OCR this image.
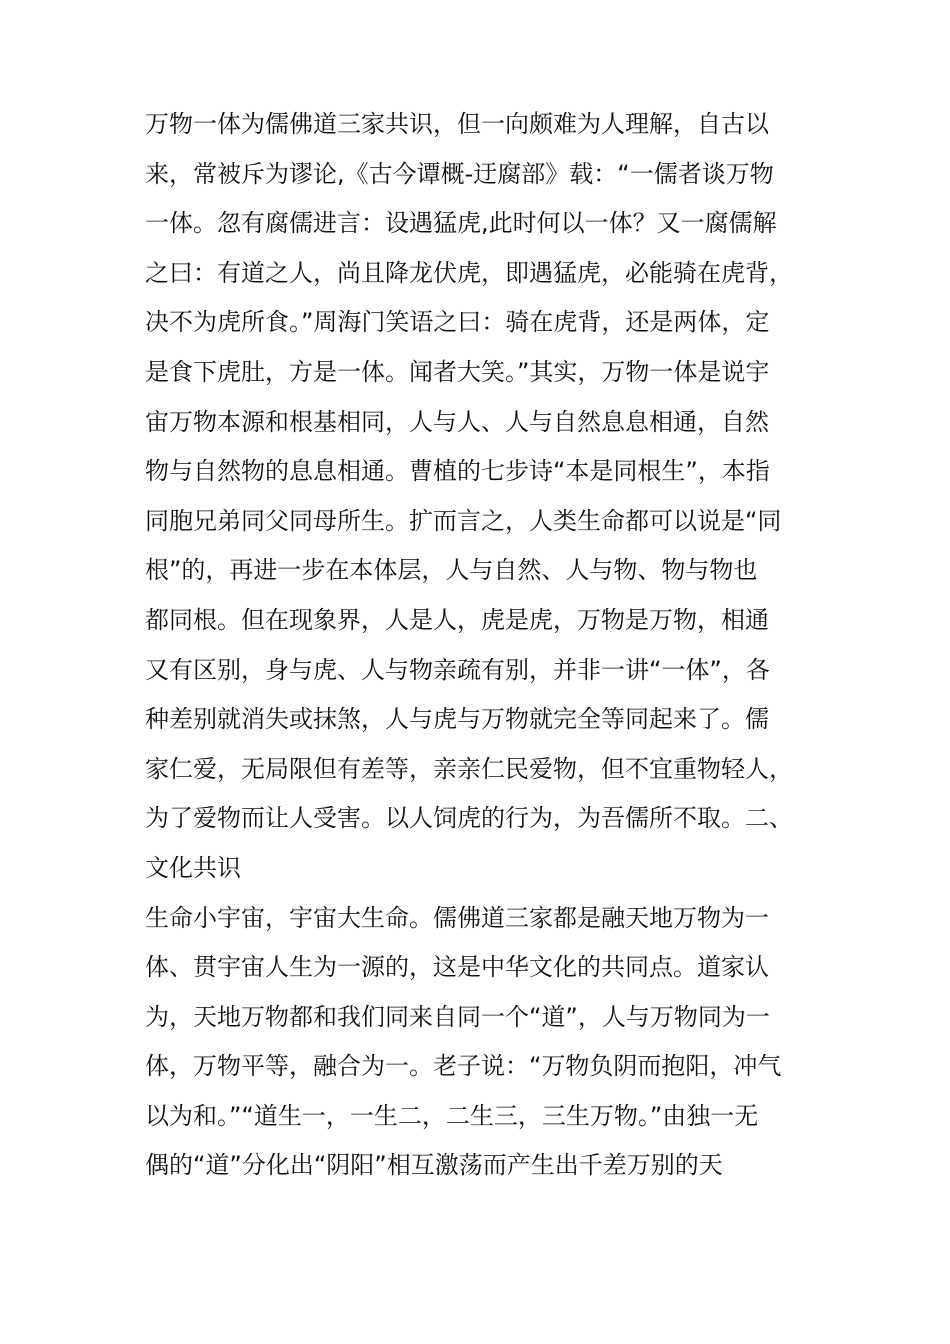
万物一体为儒佛道三家共识，但一向颇难为人理解，自古以
来，常被斥为谬论,《古今谭概-迂腐部》载：“一儒者谈万物
一体。忽有腐儒进言：设遇猛虎,此时何以一体？又一腐儒解
之曰：有道之人，尚且降龙伏虎，即遇猛虎，必能骑在虎背，
决不为虎所食。”周海门笑语之曰：骑在虎背，还是两体，定
是食下虎肚，方是一体。闻者大笑。”其实，万物一体是说宇
宙万物本源和根基相同，人与人、人与自然息息相通，自然
物与自然物的息息相通。曹植的七步诗“本是同根生”，本指
同胞兄弟同父同母所生。扩而言之，人类生命都可以说是“同
根”的，再进一步在本体层，人与自然、人与物、物与物也
都同根。但在现象界，人是人，虎是虎，万物是万物，相通
又有区别，身与虎、人与物亲疏有别，并非一讲“一体”，各
种差别就消失或抹煞，人与虎与万物就完全等同起来了。儒
家仁爱，无局限但有差等，亲亲仁民爱物，但不宜重物轻人，
为了爱物而让人受害。以人饲虎的行为，为吾儒所不取。二、
文化共识
生命小宇宙，宇宙大生命。儒佛道三家都是融天地万物为一
体、贯宇宙人生为一源的，这是中华文化的共同点。道家认
为，天地万物都和我们同来自同一个“道”，人与万物同为一
体，万物平等，融合为一。老子说：“万物负阴而抱阳，冲气
以为和。”“道生一，一生二，二生三，三生万物。”由独一无
偶的“道”分化出“阴阳”相互激荡而产生出千差万别的天
